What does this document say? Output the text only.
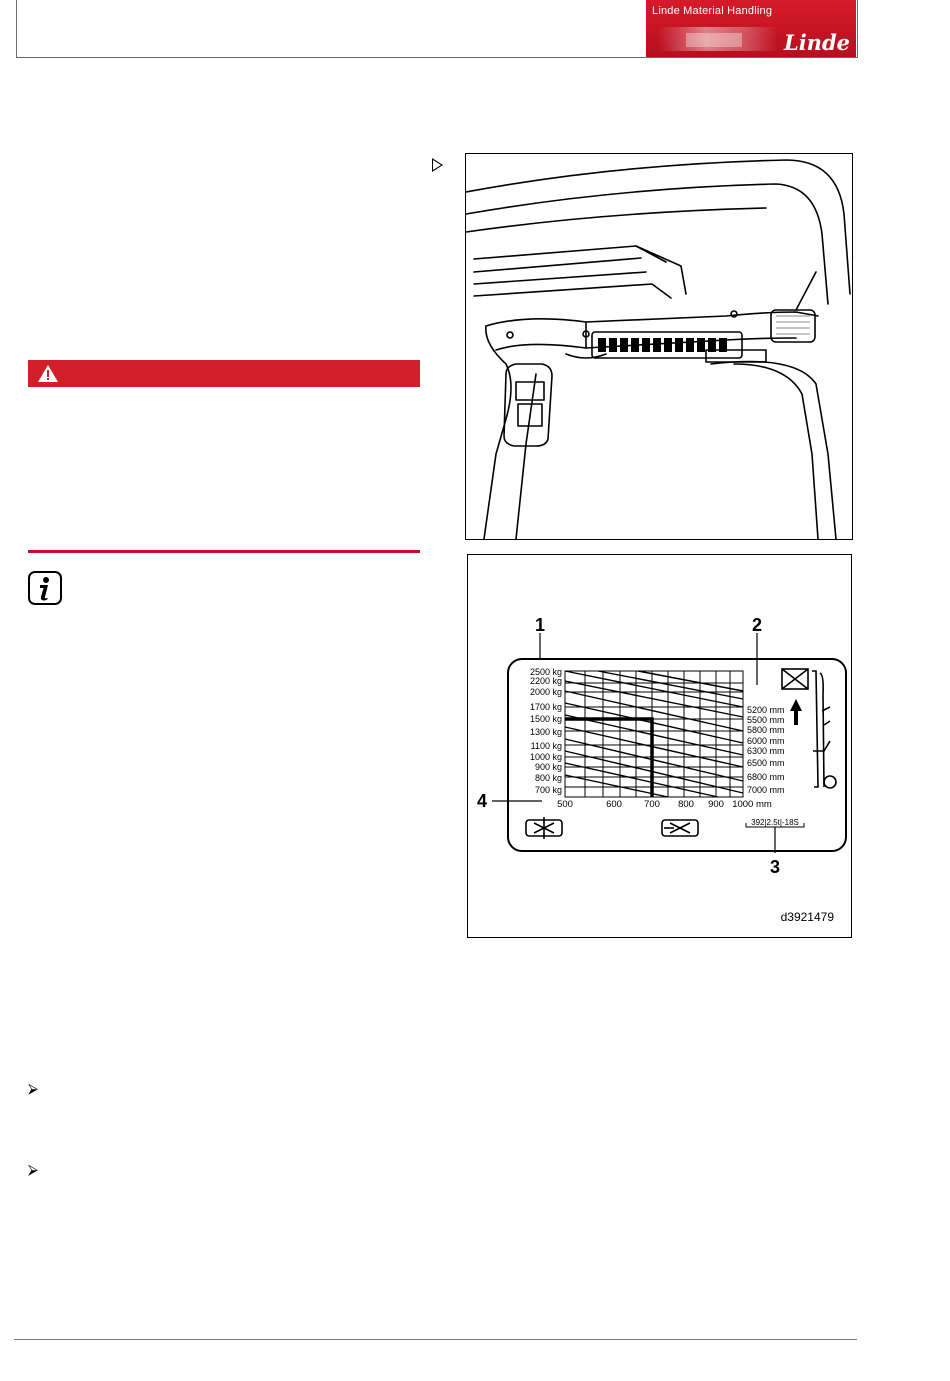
Linde Material Handling
Linde
2500 kg
2200 kg
2000 kg
1700 kg
1500 kg
1300 kg
1100 kg
1000 kg
900 kg
800 kg
700 kg
5200 mm
5500 mm
5800 mm
6000 mm
6300 mm
6500 mm
6800 mm
7000 mm
500	600 700 800 900 1000 mm
392|2.5t|-18S
1	2
3
4
d3921479
⮚
⮚
